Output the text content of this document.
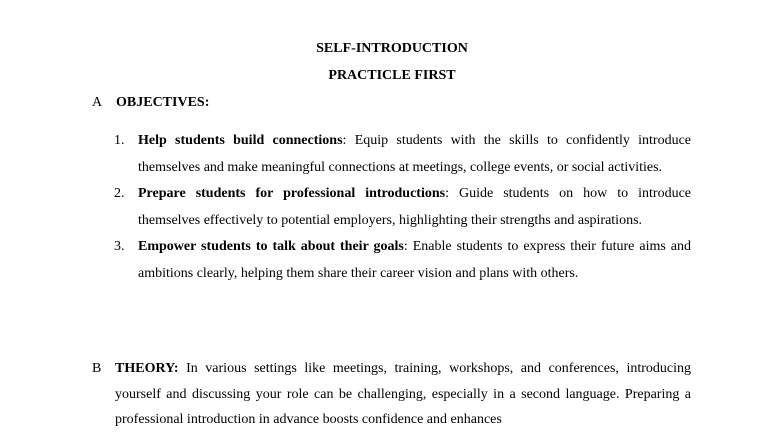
SELF-INTRODUCTION
PRACTICLE FIRST
A OBJECTIVES:
1. Help students build connections: Equip students with the skills to confidently introduce themselves and make meaningful connections at meetings, college events, or social activities.
2. Prepare students for professional introductions: Guide students on how to introduce themselves effectively to potential employers, highlighting their strengths and aspirations.
3. Empower students to talk about their goals: Enable students to express their future aims and ambitions clearly, helping them share their career vision and plans with others.
B THEORY: In various settings like meetings, training, workshops, and conferences, introducing yourself and discussing your role can be challenging, especially in a second language. Preparing a professional introduction in advance boosts confidence and enhances
